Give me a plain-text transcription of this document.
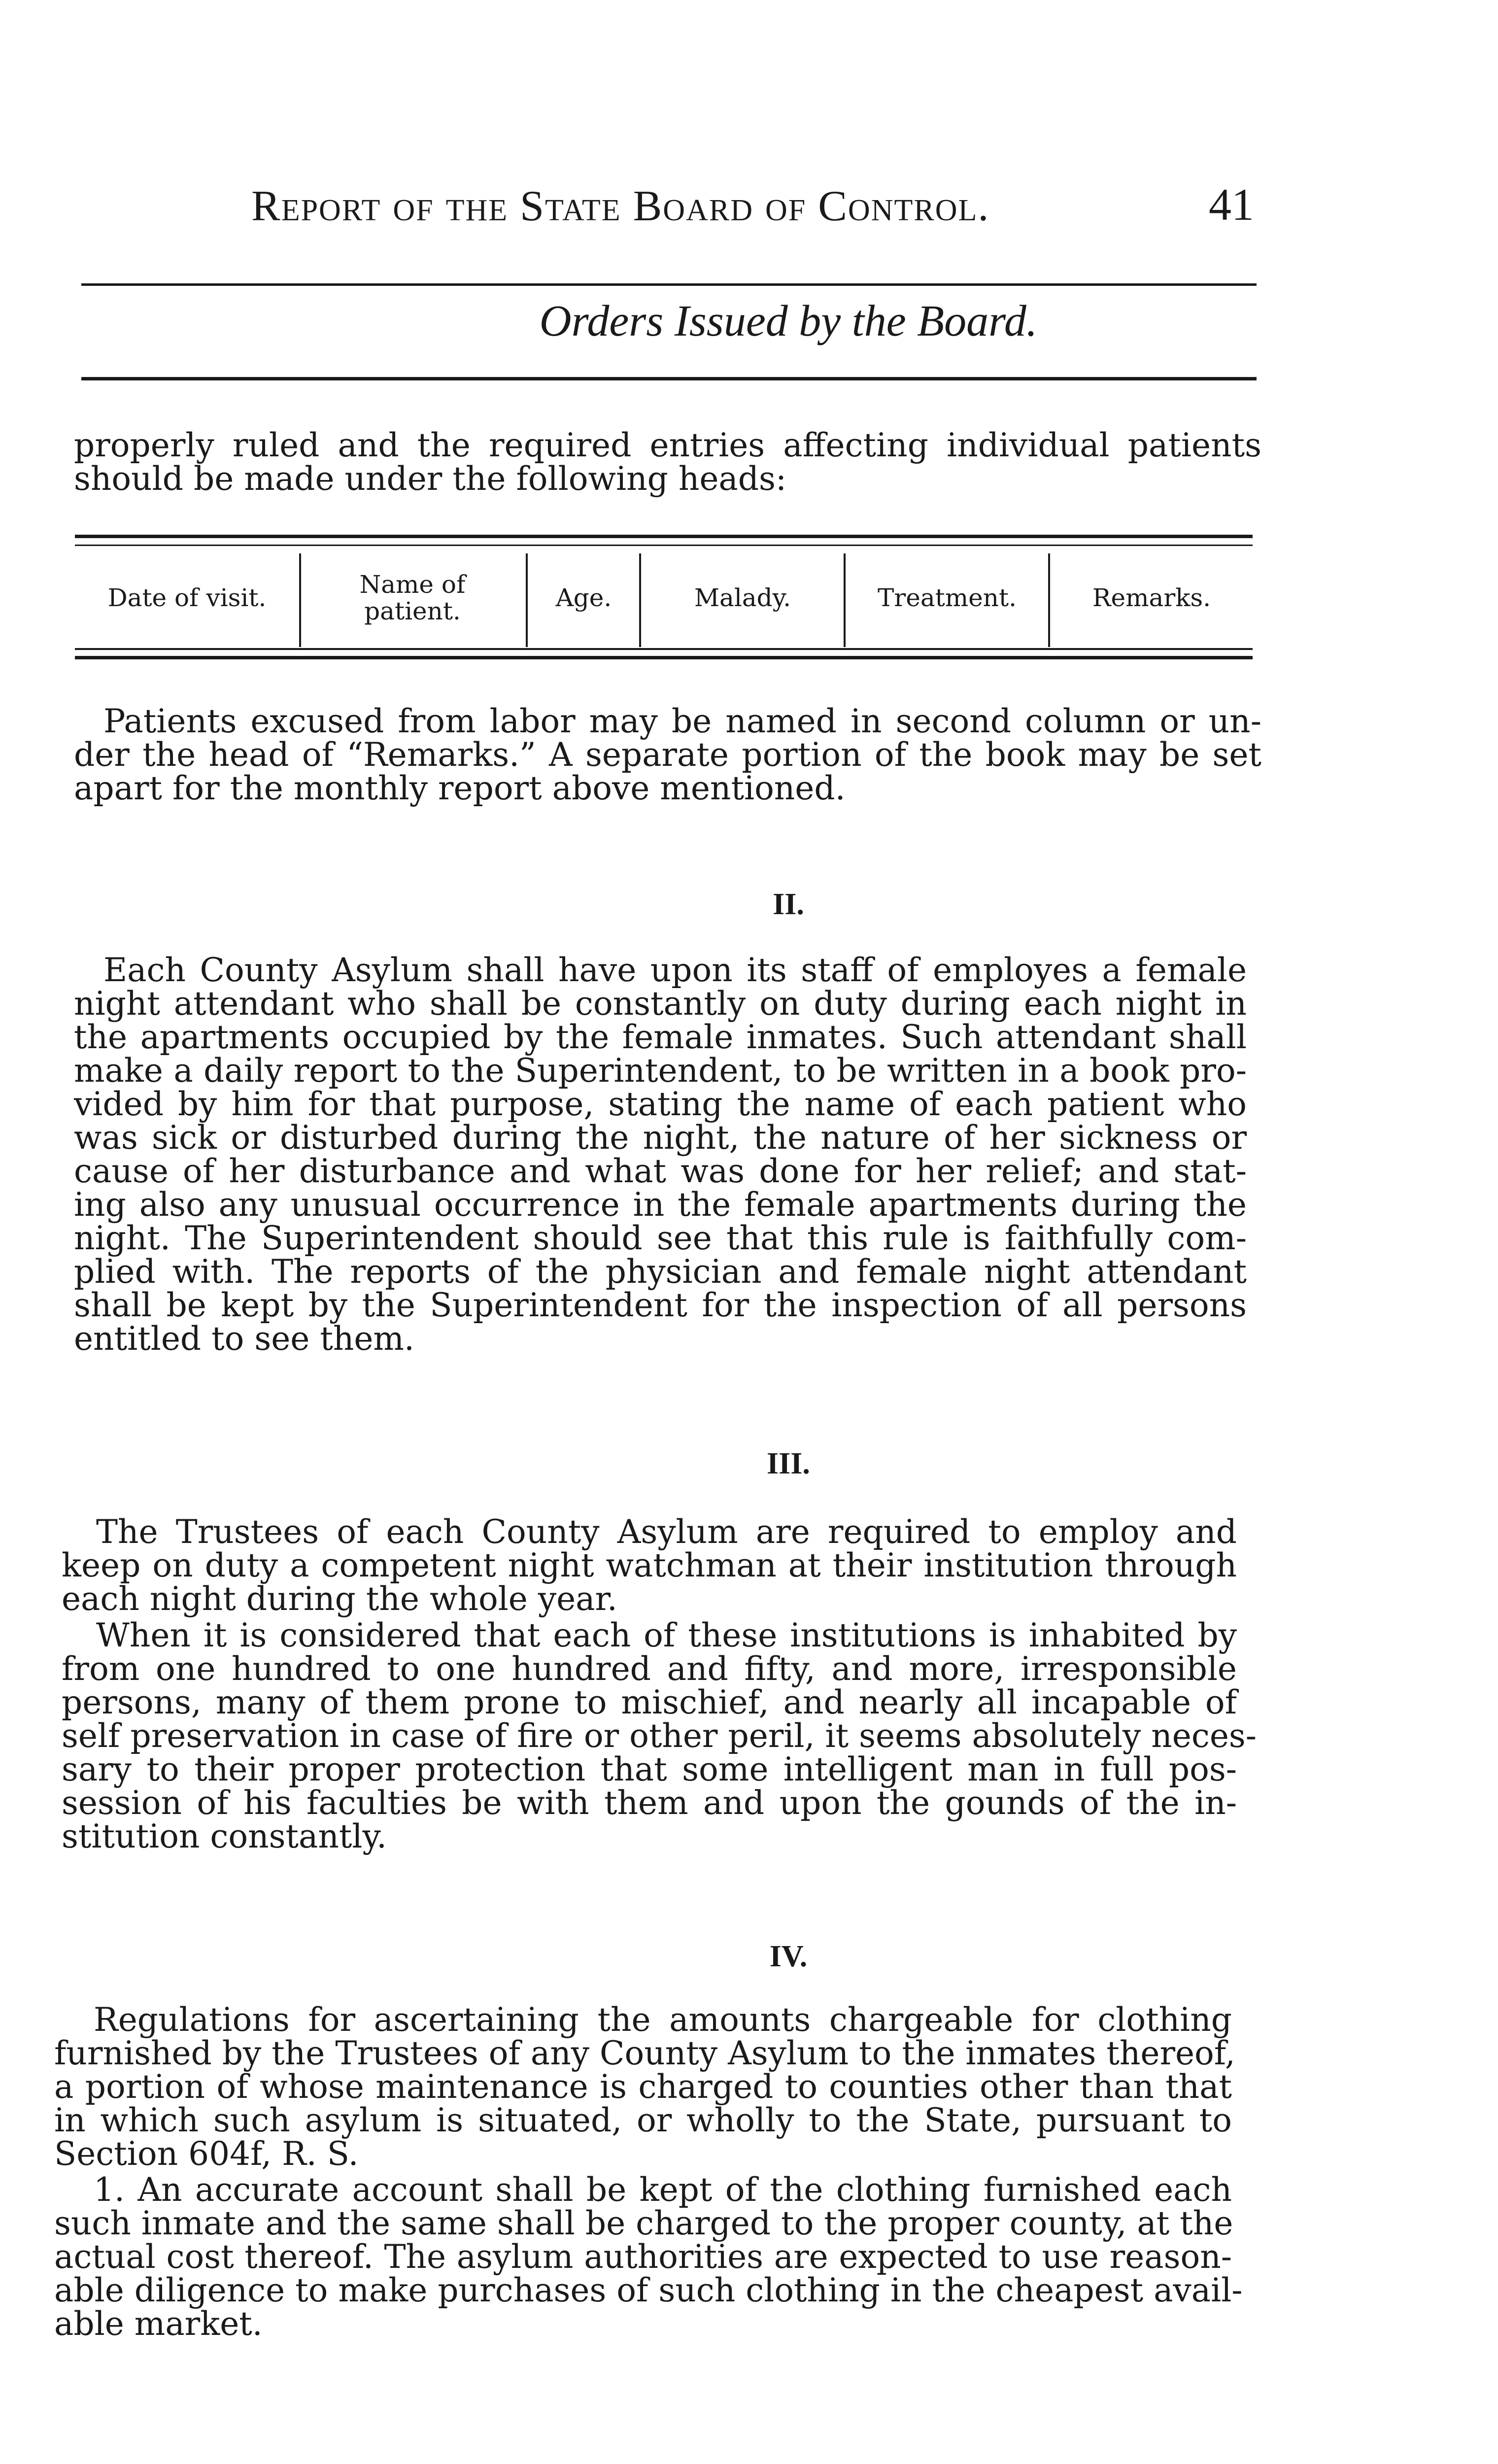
Report of the State Board of Control.	41
Orders Issued by the Board.
properly ruled and the required entries affecting individual patients
should be made under the following heads:
Date of visit.	Name of patient.	Age.	Malady.	Treatment.	Remarks.
Patients excused from labor may be named in second column or un-
der the head of “Remarks.” A separate portion of the book may be set
apart for the monthly report above mentioned.
II.
Each County Asylum shall have upon its staff of employes a female
night attendant who shall be constantly on duty during each night in
the apartments occupied by the female inmates. Such attendant shall
make a daily report to the Superintendent, to be written in a book pro-
vided by him for that purpose, stating the name of each patient who
was sick or disturbed during the night, the nature of her sickness or
cause of her disturbance and what was done for her relief; and stat-
ing also any unusual occurrence in the female apartments during the
night. The Superintendent should see that this rule is faithfully com-
plied with. The reports of the physician and female night attendant
shall be kept by the Superintendent for the inspection of all persons
entitled to see them.
III.
The Trustees of each County Asylum are required to employ and
keep on duty a competent night watchman at their institution through
each night during the whole year.
When it is considered that each of these institutions is inhabited by
from one hundred to one hundred and fifty, and more, irresponsible
persons, many of them prone to mischief, and nearly all incapable of
self preservation in case of fire or other peril, it seems absolutely neces-
sary to their proper protection that some intelligent man in full pos-
session of his faculties be with them and upon the gounds of the in-
stitution constantly.
IV.
Regulations for ascertaining the amounts chargeable for clothing
furnished by the Trustees of any County Asylum to the inmates thereof,
a portion of whose maintenance is charged to counties other than that
in which such asylum is situated, or wholly to the State, pursuant to
Section 604f, R. S.
1. An accurate account shall be kept of the clothing furnished each
such inmate and the same shall be charged to the proper county, at the
actual cost thereof. The asylum authorities are expected to use reason-
able diligence to make purchases of such clothing in the cheapest avail-
able market.
